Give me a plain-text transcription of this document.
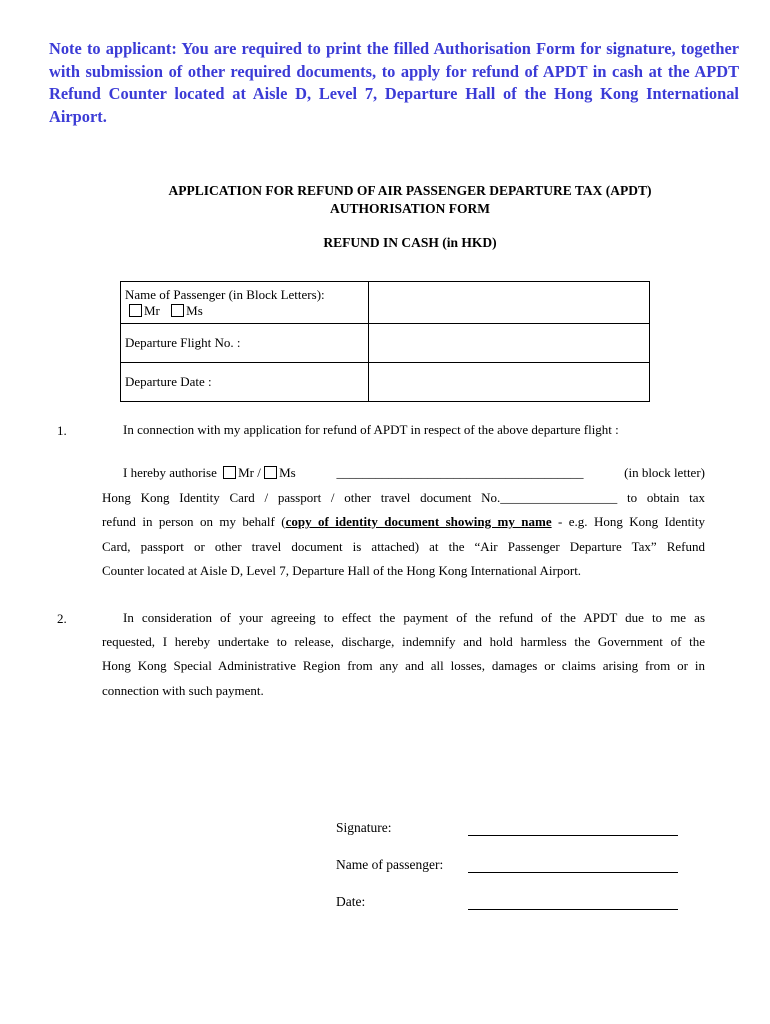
Note to applicant: You are required to print the filled Authorisation Form for signature, together with submission of other required documents, to apply for refund of APDT in cash at the APDT Refund Counter located at Aisle D, Level 7, Departure Hall of the Hong Kong International Airport.
APPLICATION FOR REFUND OF AIR PASSENGER DEPARTURE TAX (APDT)
AUTHORISATION FORM
REFUND IN CASH (in HKD)
Name of Passenger (in Block Letters):
Mr Ms	

Departure Flight No. :	
Departure Date :	
1.	In connection with my application for refund of APDT in respect of the above departure flight :
I hereby authorise Mr / Ms	______________________________________	(in block letter)
Hong Kong Identity Card / passport / other travel document No.__________________ to obtain tax
refund in person on my behalf (copy of identity document showing my name - e.g. Hong Kong Identity
Card, passport or other travel document is attached) at the “Air Passenger Departure Tax” Refund
Counter located at Aisle D, Level 7, Departure Hall of the Hong Kong International Airport.
2.	In consideration of your agreeing to effect the payment of the refund of the APDT due to me as
requested, I hereby undertake to release, discharge, indemnify and hold harmless the Government of the
Hong Kong Special Administrative Region from any and all losses, damages or claims arising from or in
connection with such payment.
Signature:
Name of passenger:
Date:
